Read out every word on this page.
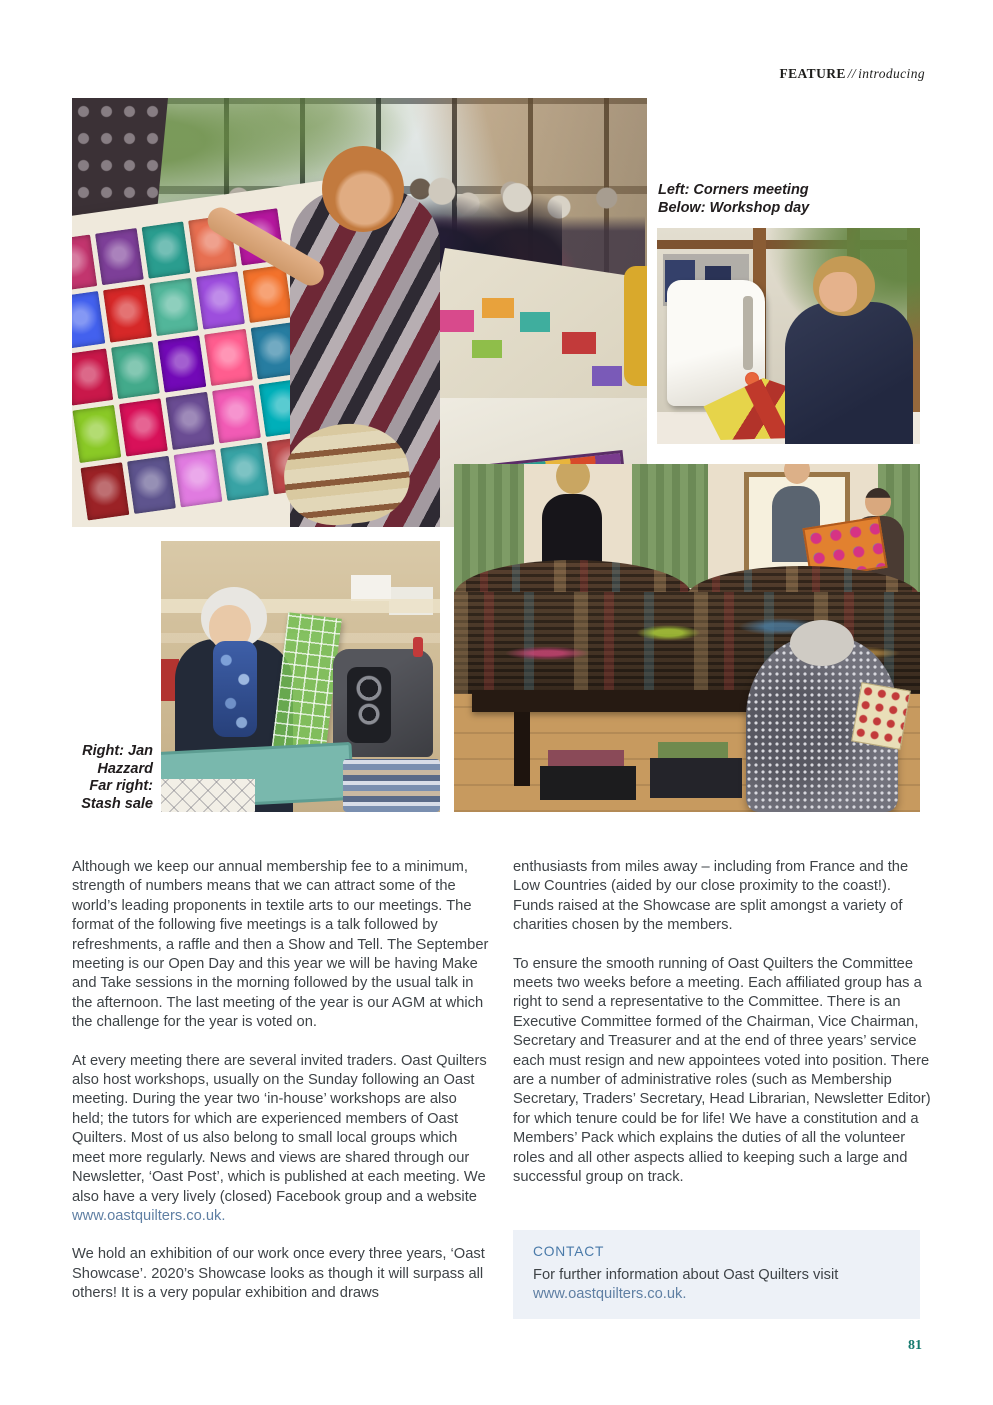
FEATURE // introducing
Left: Corners meeting
Below: Workshop day
Right: Jan
Hazzard
Far right:
Stash sale

Although we keep our annual membership fee to a minimum, strength of numbers means that we can attract some of the world’s leading proponents in textile arts to our meetings. The format of the following five meetings is a talk followed by refreshments, a raffle and then a Show and Tell. The September meeting is our Open Day and this year we will be having Make and Take sessions in the morning followed by the usual talk in the afternoon. The last meeting of the year is our AGM at which the challenge for the year is voted on.

At every meeting there are several invited traders. Oast Quilters also host workshops, usually on the Sunday following an Oast meeting. During the year two ‘in-house’ workshops are also held; the tutors for which are experienced members of Oast Quilters. Most of us also belong to small local groups which meet more regularly. News and views are shared through our Newsletter, ‘Oast Post’, which is published at each meeting. We also have a very lively (closed) Facebook group and a website www.oastquilters.co.uk.

We hold an exhibition of our work once every three years, ‘Oast Showcase’. 2020’s Showcase looks as though it will surpass all others! It is a very popular exhibition and draws

enthusiasts from miles away – including from France and the Low Countries (aided by our close proximity to the coast!). Funds raised at the Showcase are split amongst a variety of charities chosen by the members.

To ensure the smooth running of Oast Quilters the Committee meets two weeks before a meeting. Each affiliated group has a right to send a representative to the Committee. There is an Executive Committee formed of the Chairman, Vice Chairman, Secretary and Treasurer and at the end of three years’ service each must resign and new appointees voted into position. There are a number of administrative roles (such as Membership Secretary, Traders’ Secretary, Head Librarian, Newsletter Editor) for which tenure could be for life! We have a constitution and a Members’ Pack which explains the duties of all the volunteer roles and all other aspects allied to keeping such a large and successful group on track.

CONTACT
For further information about Oast Quilters visit
www.oastquilters.co.uk.
81
